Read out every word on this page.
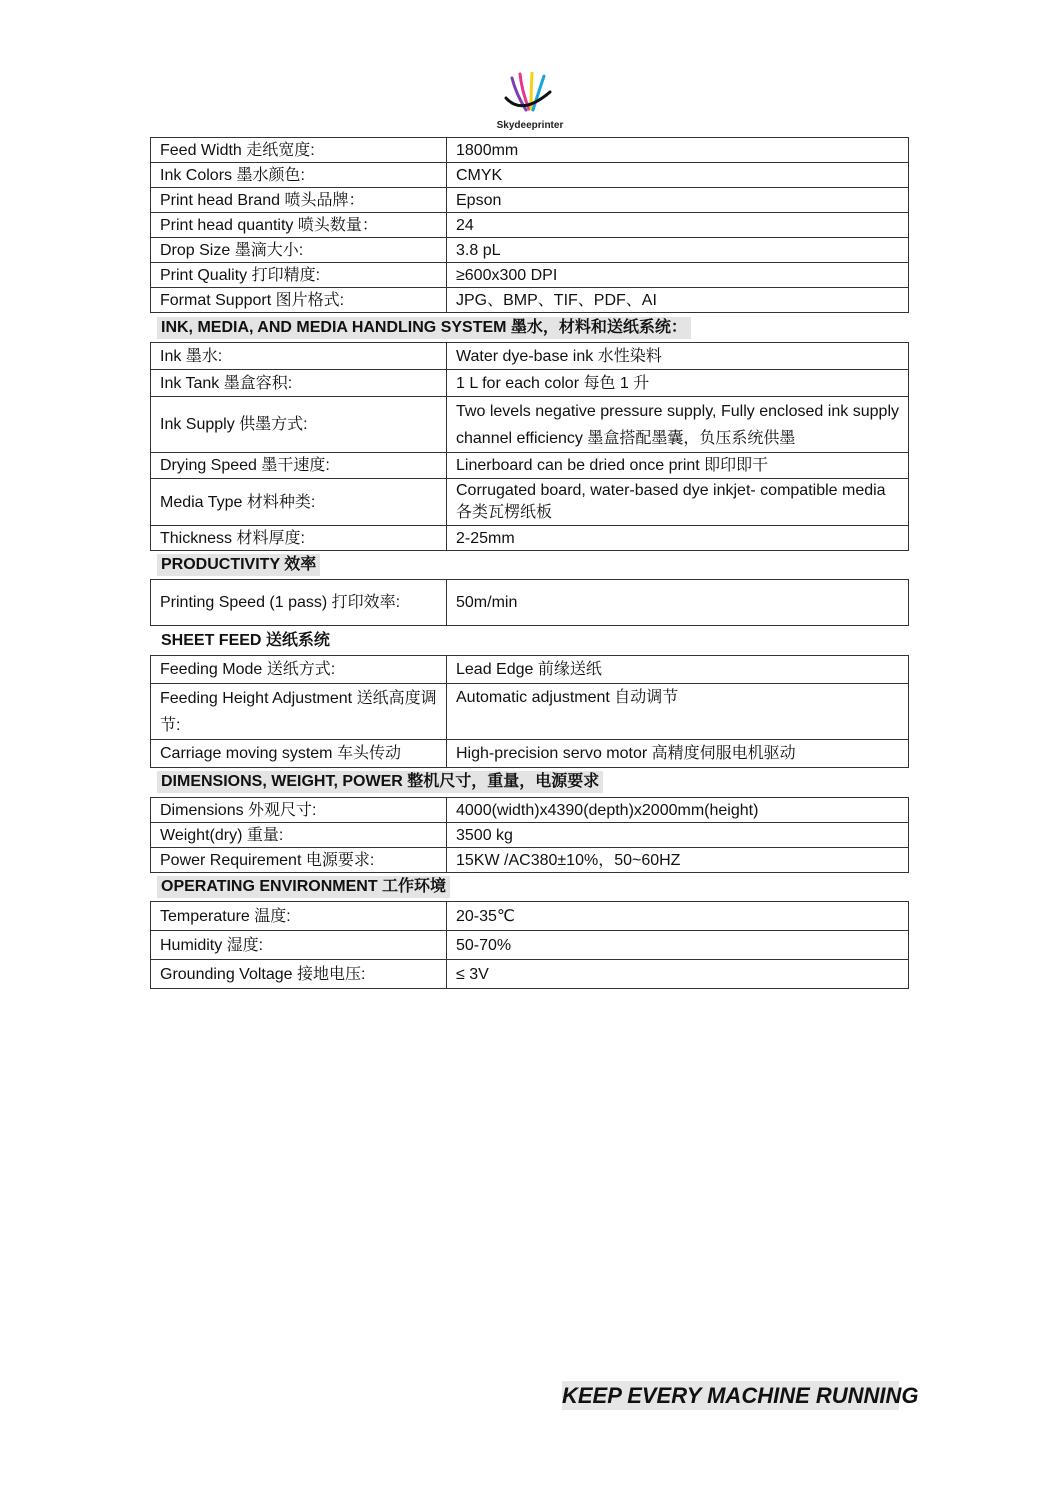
Skydeeprinter
Feed Width 走纸宽度:	1800mm
Ink Colors 墨水颜色:	CMYK
Print head Brand 喷头品牌：	Epson
Print head quantity 喷头数量：	24
Drop Size 墨滴大小:	3.8 pL
Print Quality 打印精度:	≥600x300 DPI
Format Support 图片格式:	JPG、BMP、TIF、PDF、AI
INK, MEDIA, AND MEDIA HANDLING SYSTEM 墨水，材料和送纸系统：
Ink 墨水:	Water dye-base ink 水性染料
Ink Tank 墨盒容积:	1 L for each color 每色 1 升
Ink Supply 供墨方式:	Two levels negative pressure supply, Fully enclosed ink supply channel efficiency 墨盒搭配墨囊，负压系统供墨
Drying Speed 墨干速度:	Linerboard can be dried once print 即印即干
Media Type 材料种类:	Corrugated board, water-based dye inkjet- compatible media 各类瓦楞纸板
Thickness 材料厚度:	2-25mm
PRODUCTIVITY 效率
Printing Speed (1 pass) 打印效率:	50m/min
SHEET FEED 送纸系统
Feeding Mode 送纸方式:	Lead Edge 前缘送纸
Feeding Height Adjustment 送纸高度调节:	Automatic adjustment 自动调节
Carriage moving system 车头传动	High-precision servo motor 高精度伺服电机驱动
DIMENSIONS, WEIGHT, POWER 整机尺寸，重量，电源要求
Dimensions 外观尺寸:	4000(width)x4390(depth)x2000mm(height)
Weight(dry) 重量:	3500 kg
Power Requirement 电源要求:	15KW /AC380±10%，50~60HZ
OPERATING ENVIRONMENT 工作环境
Temperature 温度:	20-35℃
Humidity 湿度:	50-70%
Grounding Voltage 接地电压:	≤ 3V
KEEP EVERY MACHINE RUNNING
